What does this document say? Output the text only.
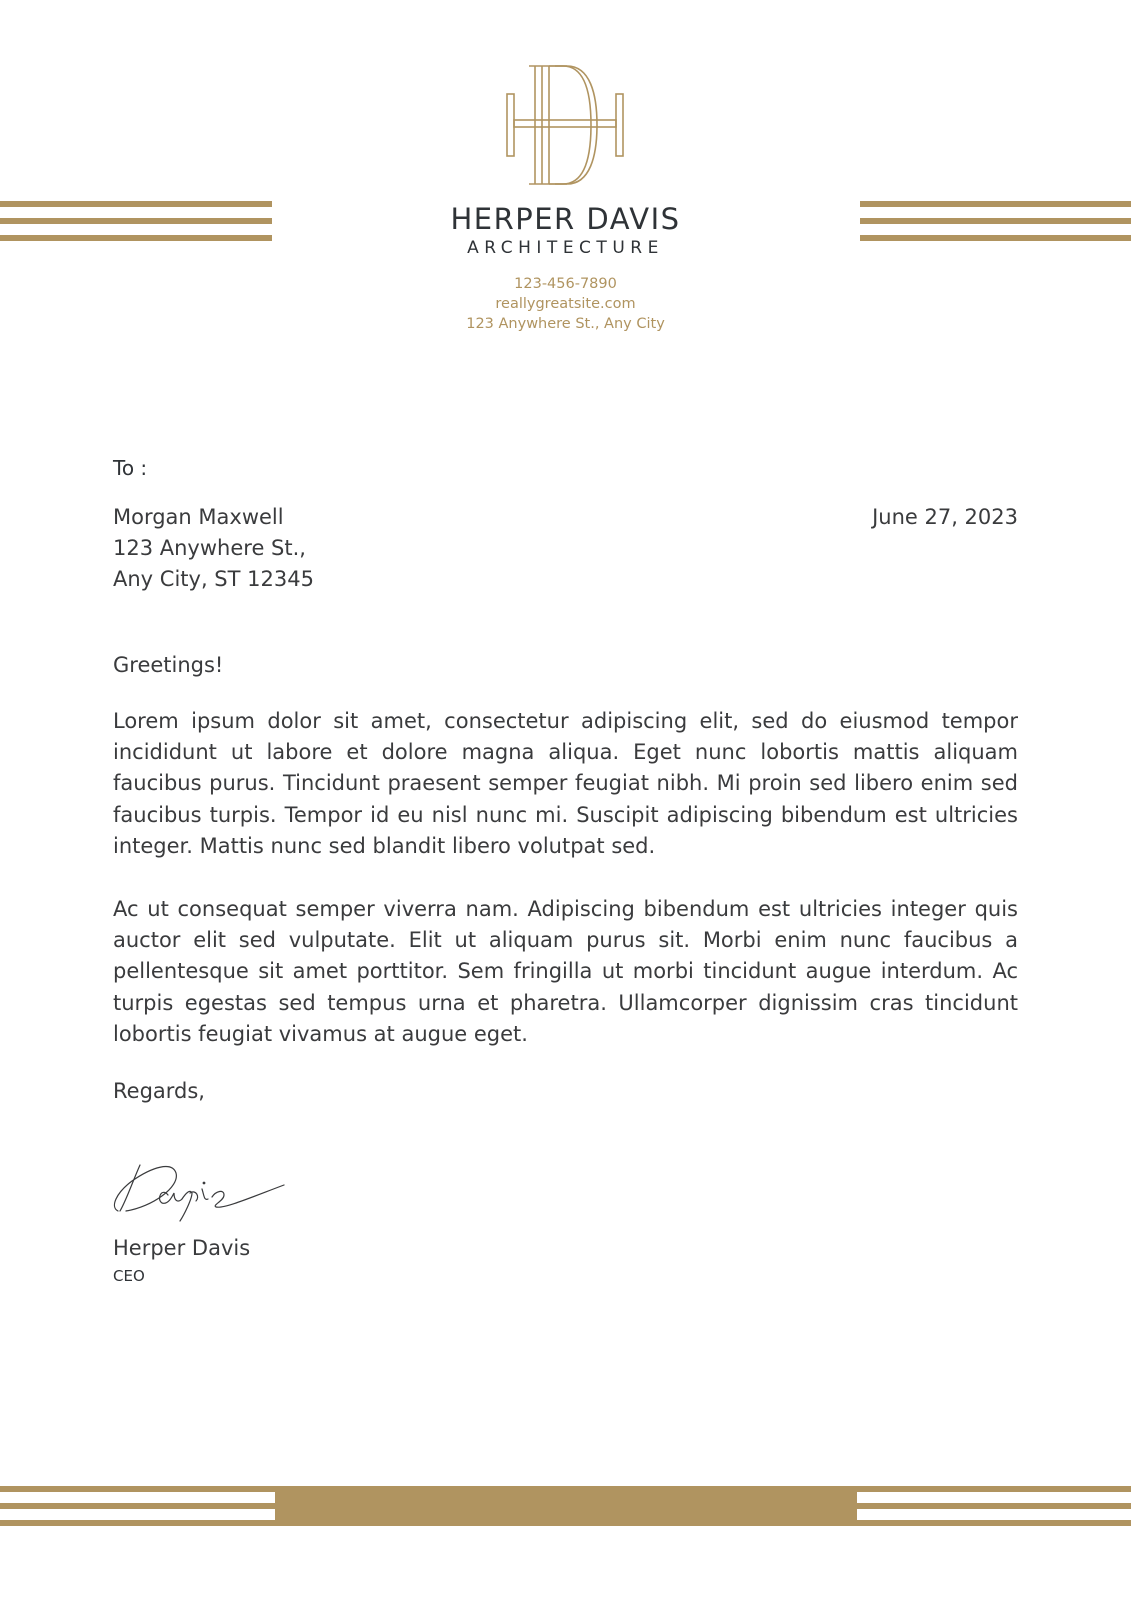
HERPER DAVIS
ARCHITECTURE
123-456-7890
reallygreatsite.com
123 Anywhere St., Any City
To :
Morgan Maxwell
123 Anywhere St.,
Any City, ST 12345
June 27, 2023
Greetings!
Lorem ipsum dolor sit amet, consectetur adipiscing elit, sed do eiusmod tempor incididunt ut labore et dolore magna aliqua. Eget nunc lobortis mattis aliquam faucibus purus. Tincidunt praesent semper feugiat nibh. Mi proin sed libero enim sed faucibus turpis. Tempor id eu nisl nunc mi. Suscipit adipiscing bibendum est ultricies integer. Mattis nunc sed blandit libero volutpat sed.
Ac ut consequat semper viverra nam. Adipiscing bibendum est ultricies integer quis auctor elit sed vulputate. Elit ut aliquam purus sit. Morbi enim nunc faucibus a pellentesque sit amet porttitor. Sem fringilla ut morbi tincidunt augue interdum. Ac turpis egestas sed tempus urna et pharetra. Ullamcorper dignissim cras tincidunt lobortis feugiat vivamus at augue eget.
Regards,
Herper Davis
CEO
